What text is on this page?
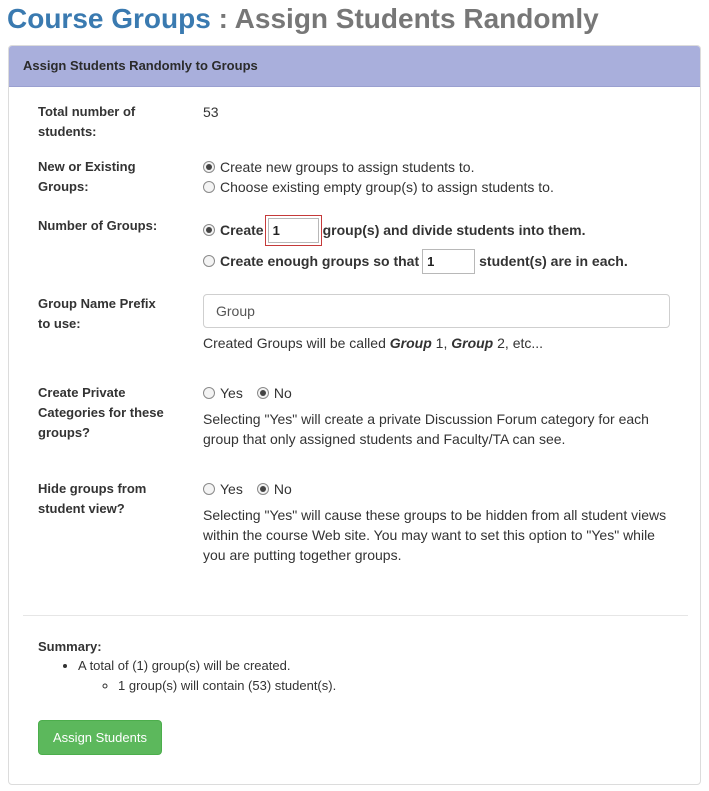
Course Groups : Assign Students Randomly
Assign Students Randomly to Groups
Total number of students:
53
New or Existing Groups:
Create new groups to assign students to.
Choose existing empty group(s) to assign students to.
Number of Groups:	Create 1	group(s) and divide students into them.
Create enough groups so that 1	student(s) are in each.
Group Name Prefix to use:
Group
Created Groups will be called Group 1, Group 2, etc...
Create Private Categories for these groups?
Yes No
Selecting "Yes" will create a private Discussion Forum category for each group that only assigned students and Faculty/TA can see.
Hide groups from student view?
Yes No
Selecting "Yes" will cause these groups to be hidden from all student views within the course Web site. You may want to set this option to "Yes" while you are putting together groups.
Summary:
• A total of (1) group(s) will be created.
◦ 1 group(s) will contain (53) student(s).
Assign Students
